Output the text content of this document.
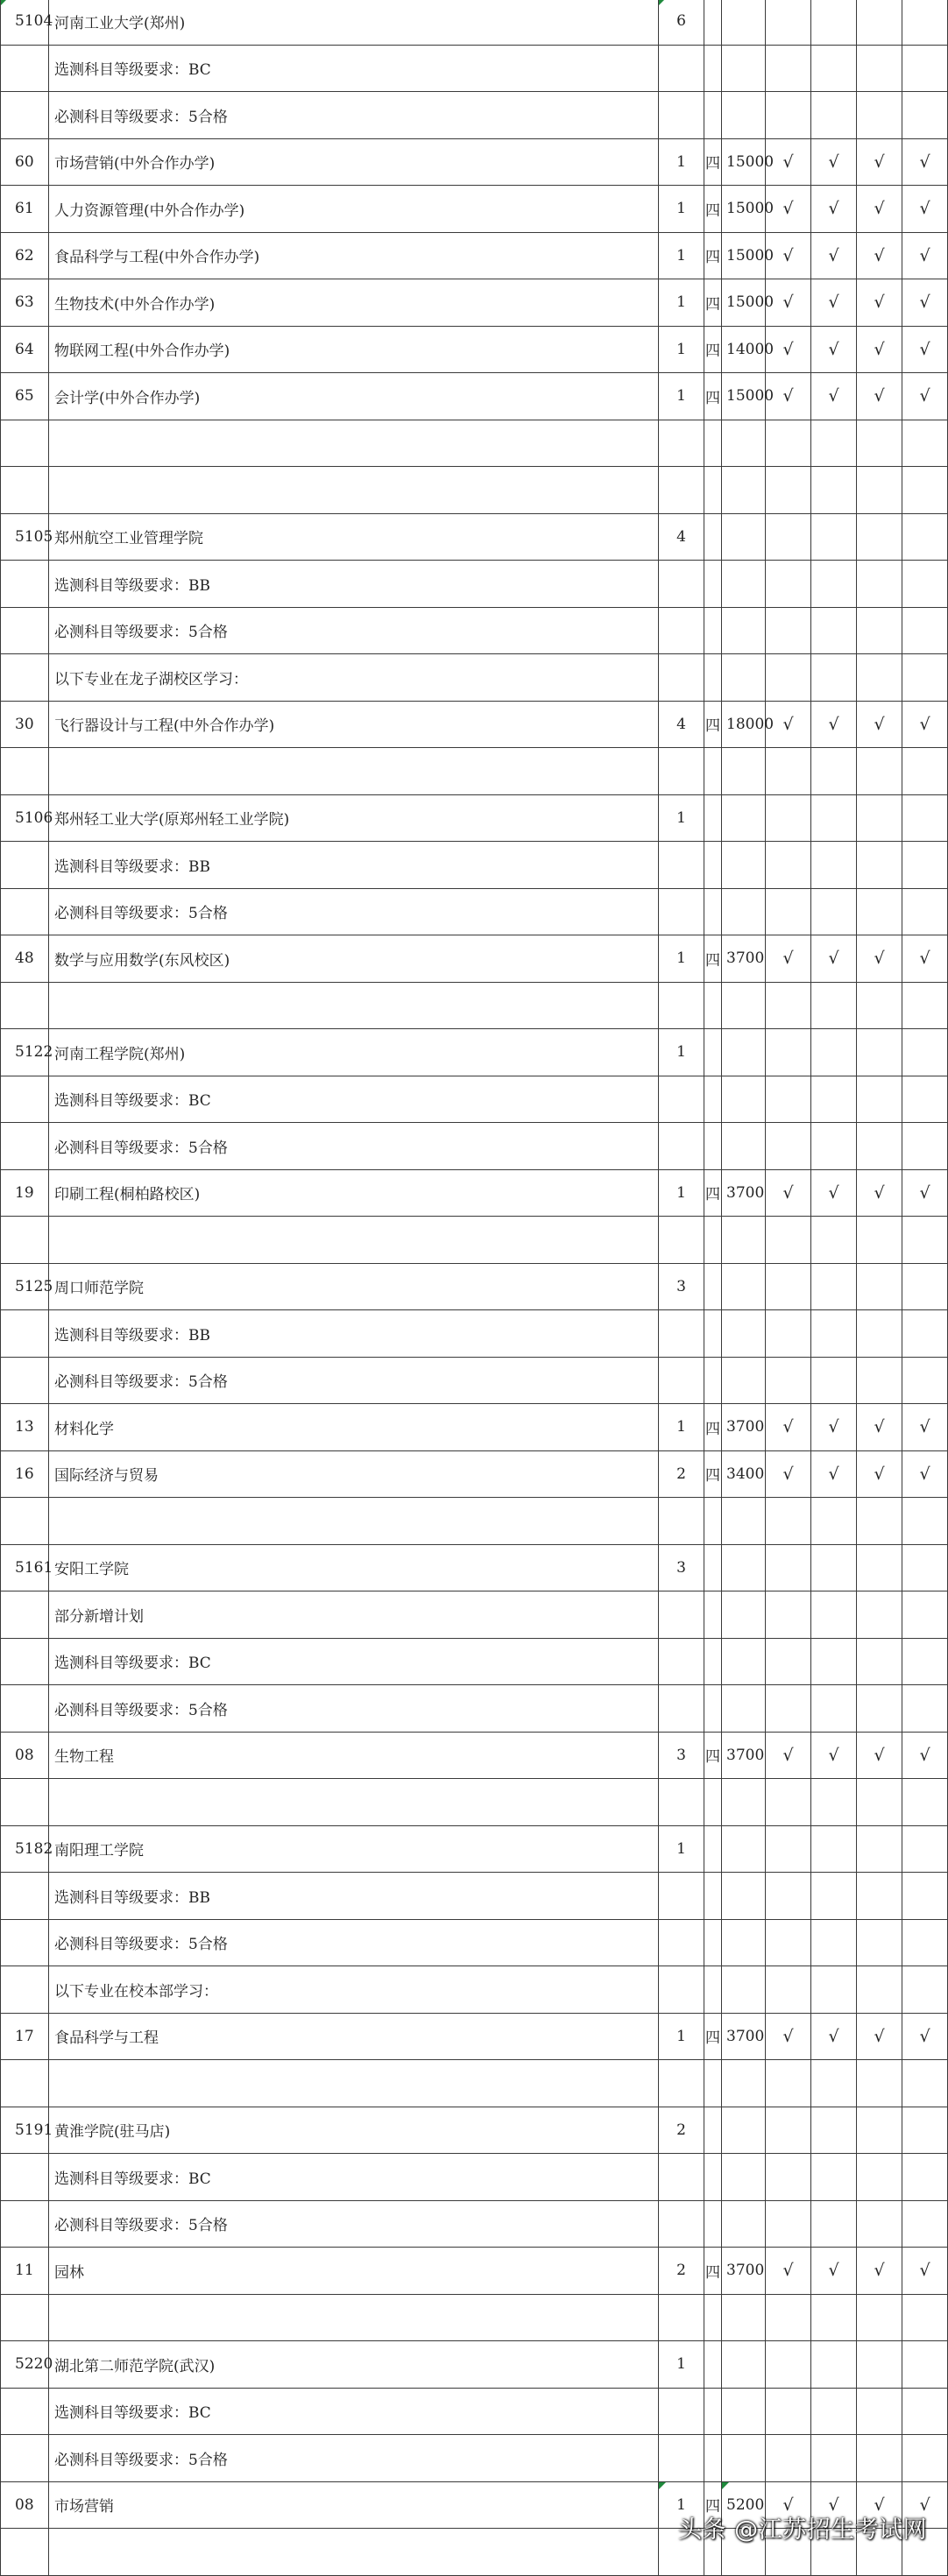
5104	河南工业大学(郑州)	6						
	选测科目等级要求：BC							
	必测科目等级要求：5合格							
60	市场营销(中外合作办学)	1	四	15000	√	√	√	√
61	人力资源管理(中外合作办学)	1	四	15000	√	√	√	√
62	食品科学与工程(中外合作办学)	1	四	15000	√	√	√	√
63	生物技术(中外合作办学)	1	四	15000	√	√	√	√
64	物联网工程(中外合作办学)	1	四	14000	√	√	√	√
65	会计学(中外合作办学)	1	四	15000	√	√	√	√

5105	郑州航空工业管理学院	4						
	选测科目等级要求：BB							
	必测科目等级要求：5合格							
	以下专业在龙子湖校区学习：							
30	飞行器设计与工程(中外合作办学)	4	四	18000	√	√	√	√

5106	郑州轻工业大学(原郑州轻工业学院)	1						
	选测科目等级要求：BB							
	必测科目等级要求：5合格							
48	数学与应用数学(东风校区)	1	四	3700	√	√	√	√

5122	河南工程学院(郑州)	1						
	选测科目等级要求：BC							
	必测科目等级要求：5合格							
19	印刷工程(桐柏路校区)	1	四	3700	√	√	√	√

5125	周口师范学院	3						
	选测科目等级要求：BB							
	必测科目等级要求：5合格							
13	材料化学	1	四	3700	√	√	√	√
16	国际经济与贸易	2	四	3400	√	√	√	√

5161	安阳工学院	3						
	部分新增计划							
	选测科目等级要求：BC							
	必测科目等级要求：5合格							
08	生物工程	3	四	3700	√	√	√	√

5182	南阳理工学院	1						
	选测科目等级要求：BB							
	必测科目等级要求：5合格							
	以下专业在校本部学习：							
17	食品科学与工程	1	四	3700	√	√	√	√

5191	黄淮学院(驻马店)	2						
	选测科目等级要求：BC							
	必测科目等级要求：5合格							
11	园林	2	四	3700	√	√	√	√

5220	湖北第二师范学院(武汉)	1						
	选测科目等级要求：BC							
	必测科目等级要求：5合格							
08	市场营销	1	四	5200	√	√	√	√

头条 @江苏招生考试网
